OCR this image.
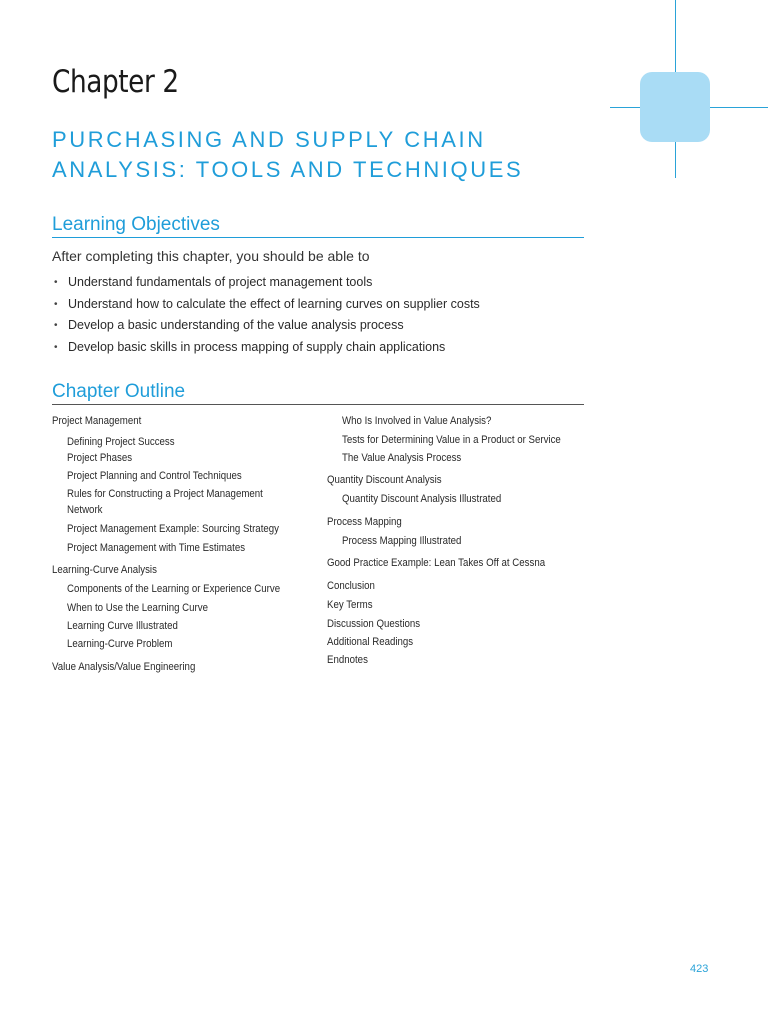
Chapter 2
PURCHASING AND SUPPLY CHAIN ANALYSIS: TOOLS AND TECHNIQUES
Learning Objectives

After completing this chapter, you should be able to

• Understand fundamentals of project management tools
• Understand how to calculate the effect of learning curves on supplier costs
• Develop a basic understanding of the value analysis process
• Develop basic skills in process mapping of supply chain applications
Chapter Outline

Project Management

Defining Project Success

Project Phases

Project Planning and Control Techniques

Rules for Constructing a Project Management Network

Project Management Example: Sourcing Strategy

Project Management with Time Estimates

Learning-Curve Analysis

Components of the Learning or Experience Curve

When to Use the Learning Curve

Learning Curve Illustrated

Learning-Curve Problem

Value Analysis/Value Engineering

Who Is Involved in Value Analysis?

Tests for Determining Value in a Product or Service

The Value Analysis Process

Quantity Discount Analysis

Quantity Discount Analysis Illustrated

Process Mapping

Process Mapping Illustrated

Good Practice Example: Lean Takes Off at Cessna

Conclusion

Key Terms

Discussion Questions

Additional Readings

Endnotes

423
